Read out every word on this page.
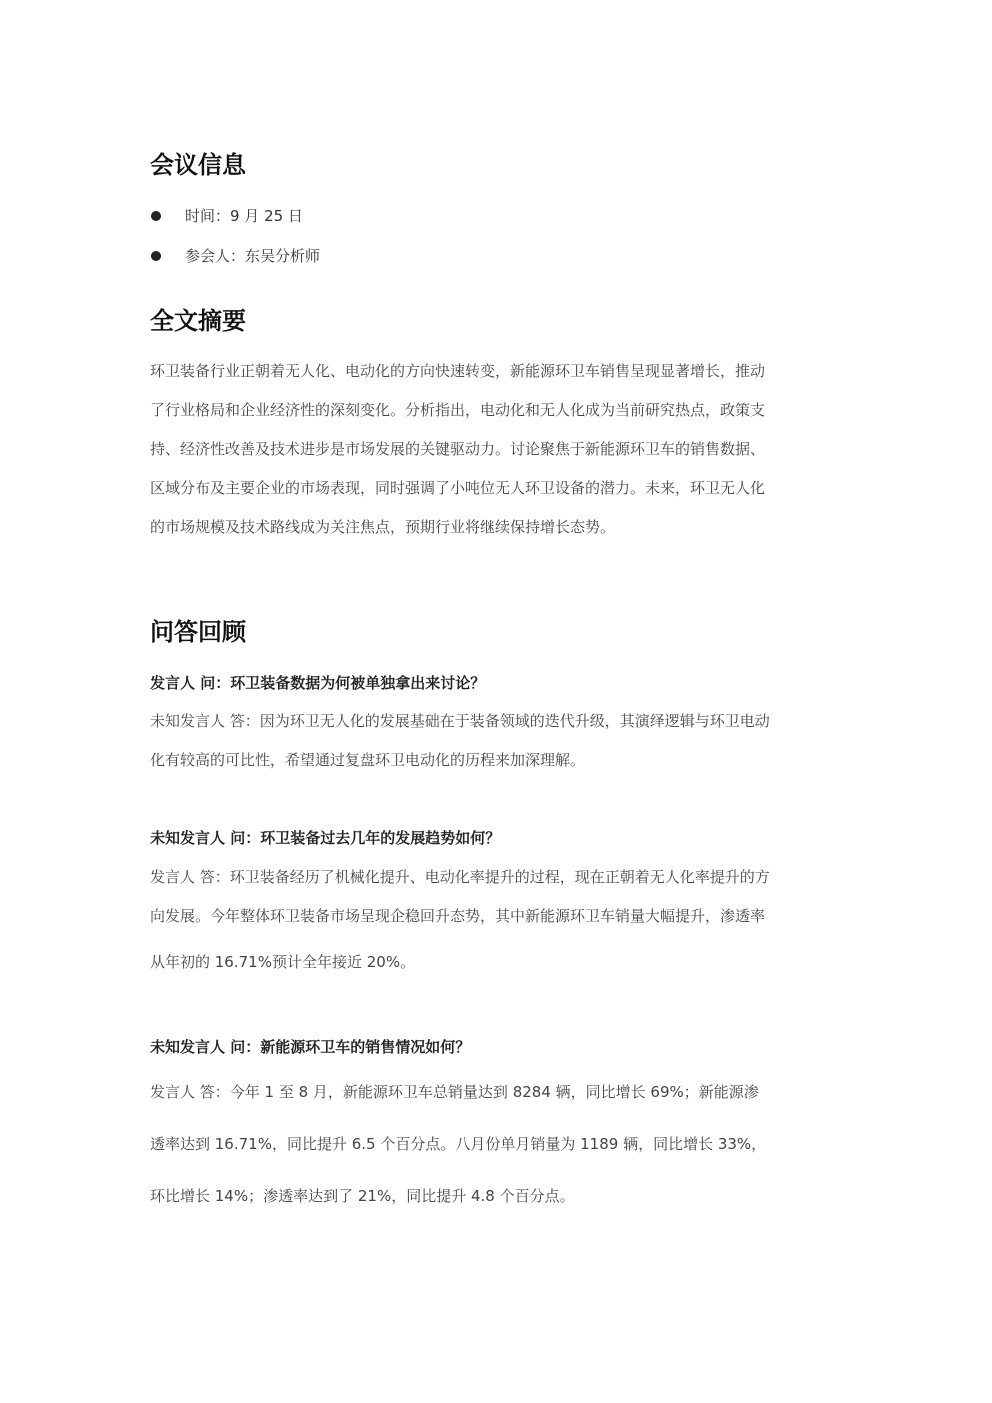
会议信息
时间：9 月 25 日
参会人：东吴分析师
全文摘要

环卫装备行业正朝着无人化、电动化的方向快速转变，新能源环卫车销售呈现显著增长，推动

了行业格局和企业经济性的深刻变化。分析指出，电动化和无人化成为当前研究热点，政策支

持、经济性改善及技术进步是市场发展的关键驱动力。讨论聚焦于新能源环卫车的销售数据、

区域分布及主要企业的市场表现，同时强调了小吨位无人环卫设备的潜力。未来，环卫无人化

的市场规模及技术路线成为关注焦点，预期行业将继续保持增长态势。

问答回顾

发言人 问：环卫装备数据为何被单独拿出来讨论？

未知发言人 答：因为环卫无人化的发展基础在于装备领域的迭代升级，其演绎逻辑与环卫电动

化有较高的可比性，希望通过复盘环卫电动化的历程来加深理解。

未知发言人 问：环卫装备过去几年的发展趋势如何？

发言人 答：环卫装备经历了机械化提升、电动化率提升的过程，现在正朝着无人化率提升的方

向发展。今年整体环卫装备市场呈现企稳回升态势，其中新能源环卫车销量大幅提升，渗透率

从年初的 16.71%预计全年接近 20%。

未知发言人 问：新能源环卫车的销售情况如何？

发言人 答：今年 1 至 8 月，新能源环卫车总销量达到 8284 辆，同比增长 69%；新能源渗

透率达到 16.71%，同比提升 6.5 个百分点。八月份单月销量为 1189 辆，同比增长 33%，

环比增长 14%；渗透率达到了 21%，同比提升 4.8 个百分点。
